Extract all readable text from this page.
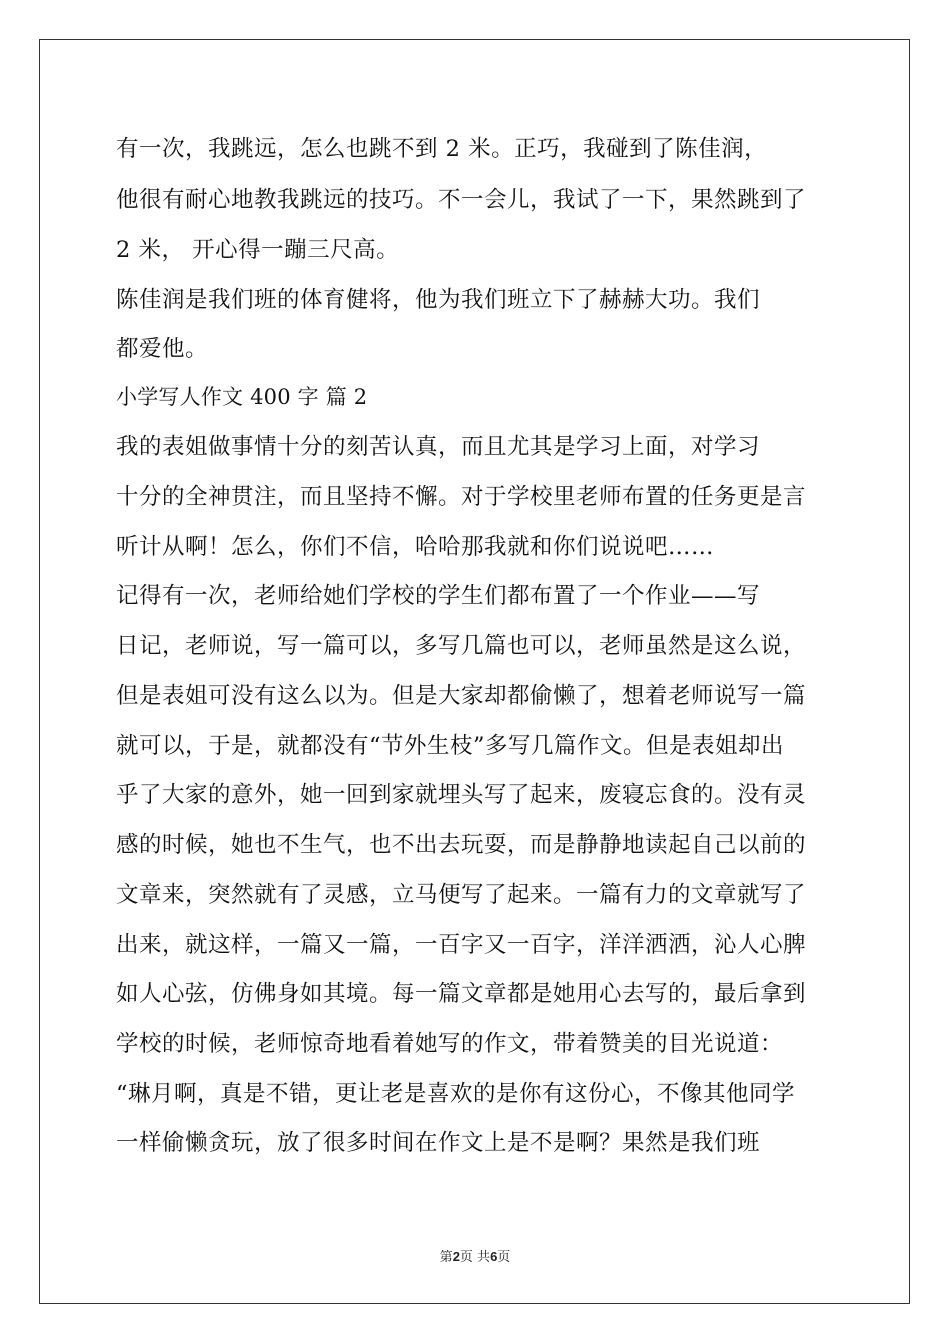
有一次，我跳远，怎么也跳不到 2 米。正巧，我碰到了陈佳润，
他很有耐心地教我跳远的技巧。不一会儿，我试了一下，果然跳到了
2 米， 开心得一蹦三尺高。
陈佳润是我们班的体育健将，他为我们班立下了赫赫大功。我们
都爱他。
小学写人作文 400 字 篇 2
我的表姐做事情十分的刻苦认真，而且尤其是学习上面，对学习
十分的全神贯注，而且坚持不懈。对于学校里老师布置的任务更是言
听计从啊！怎么，你们不信，哈哈那我就和你们说说吧……
记得有一次，老师给她们学校的学生们都布置了一个作业——写
日记，老师说，写一篇可以，多写几篇也可以，老师虽然是这么说，
但是表姐可没有这么以为。但是大家却都偷懒了，想着老师说写一篇
就可以，于是，就都没有“节外生枝”多写几篇作文。但是表姐却出
乎了大家的意外，她一回到家就埋头写了起来，废寝忘食的。没有灵
感的时候，她也不生气，也不出去玩耍，而是静静地读起自己以前的
文章来，突然就有了灵感，立马便写了起来。一篇有力的文章就写了
出来，就这样，一篇又一篇，一百字又一百字，洋洋洒洒，沁人心脾
如人心弦，仿佛身如其境。每一篇文章都是她用心去写的，最后拿到
学校的时候，老师惊奇地看着她写的作文，带着赞美的目光说道：
“琳月啊，真是不错，更让老是喜欢的是你有这份心，不像其他同学
一样偷懒贪玩，放了很多时间在作文上是不是啊？果然是我们班
第2页 共6页
